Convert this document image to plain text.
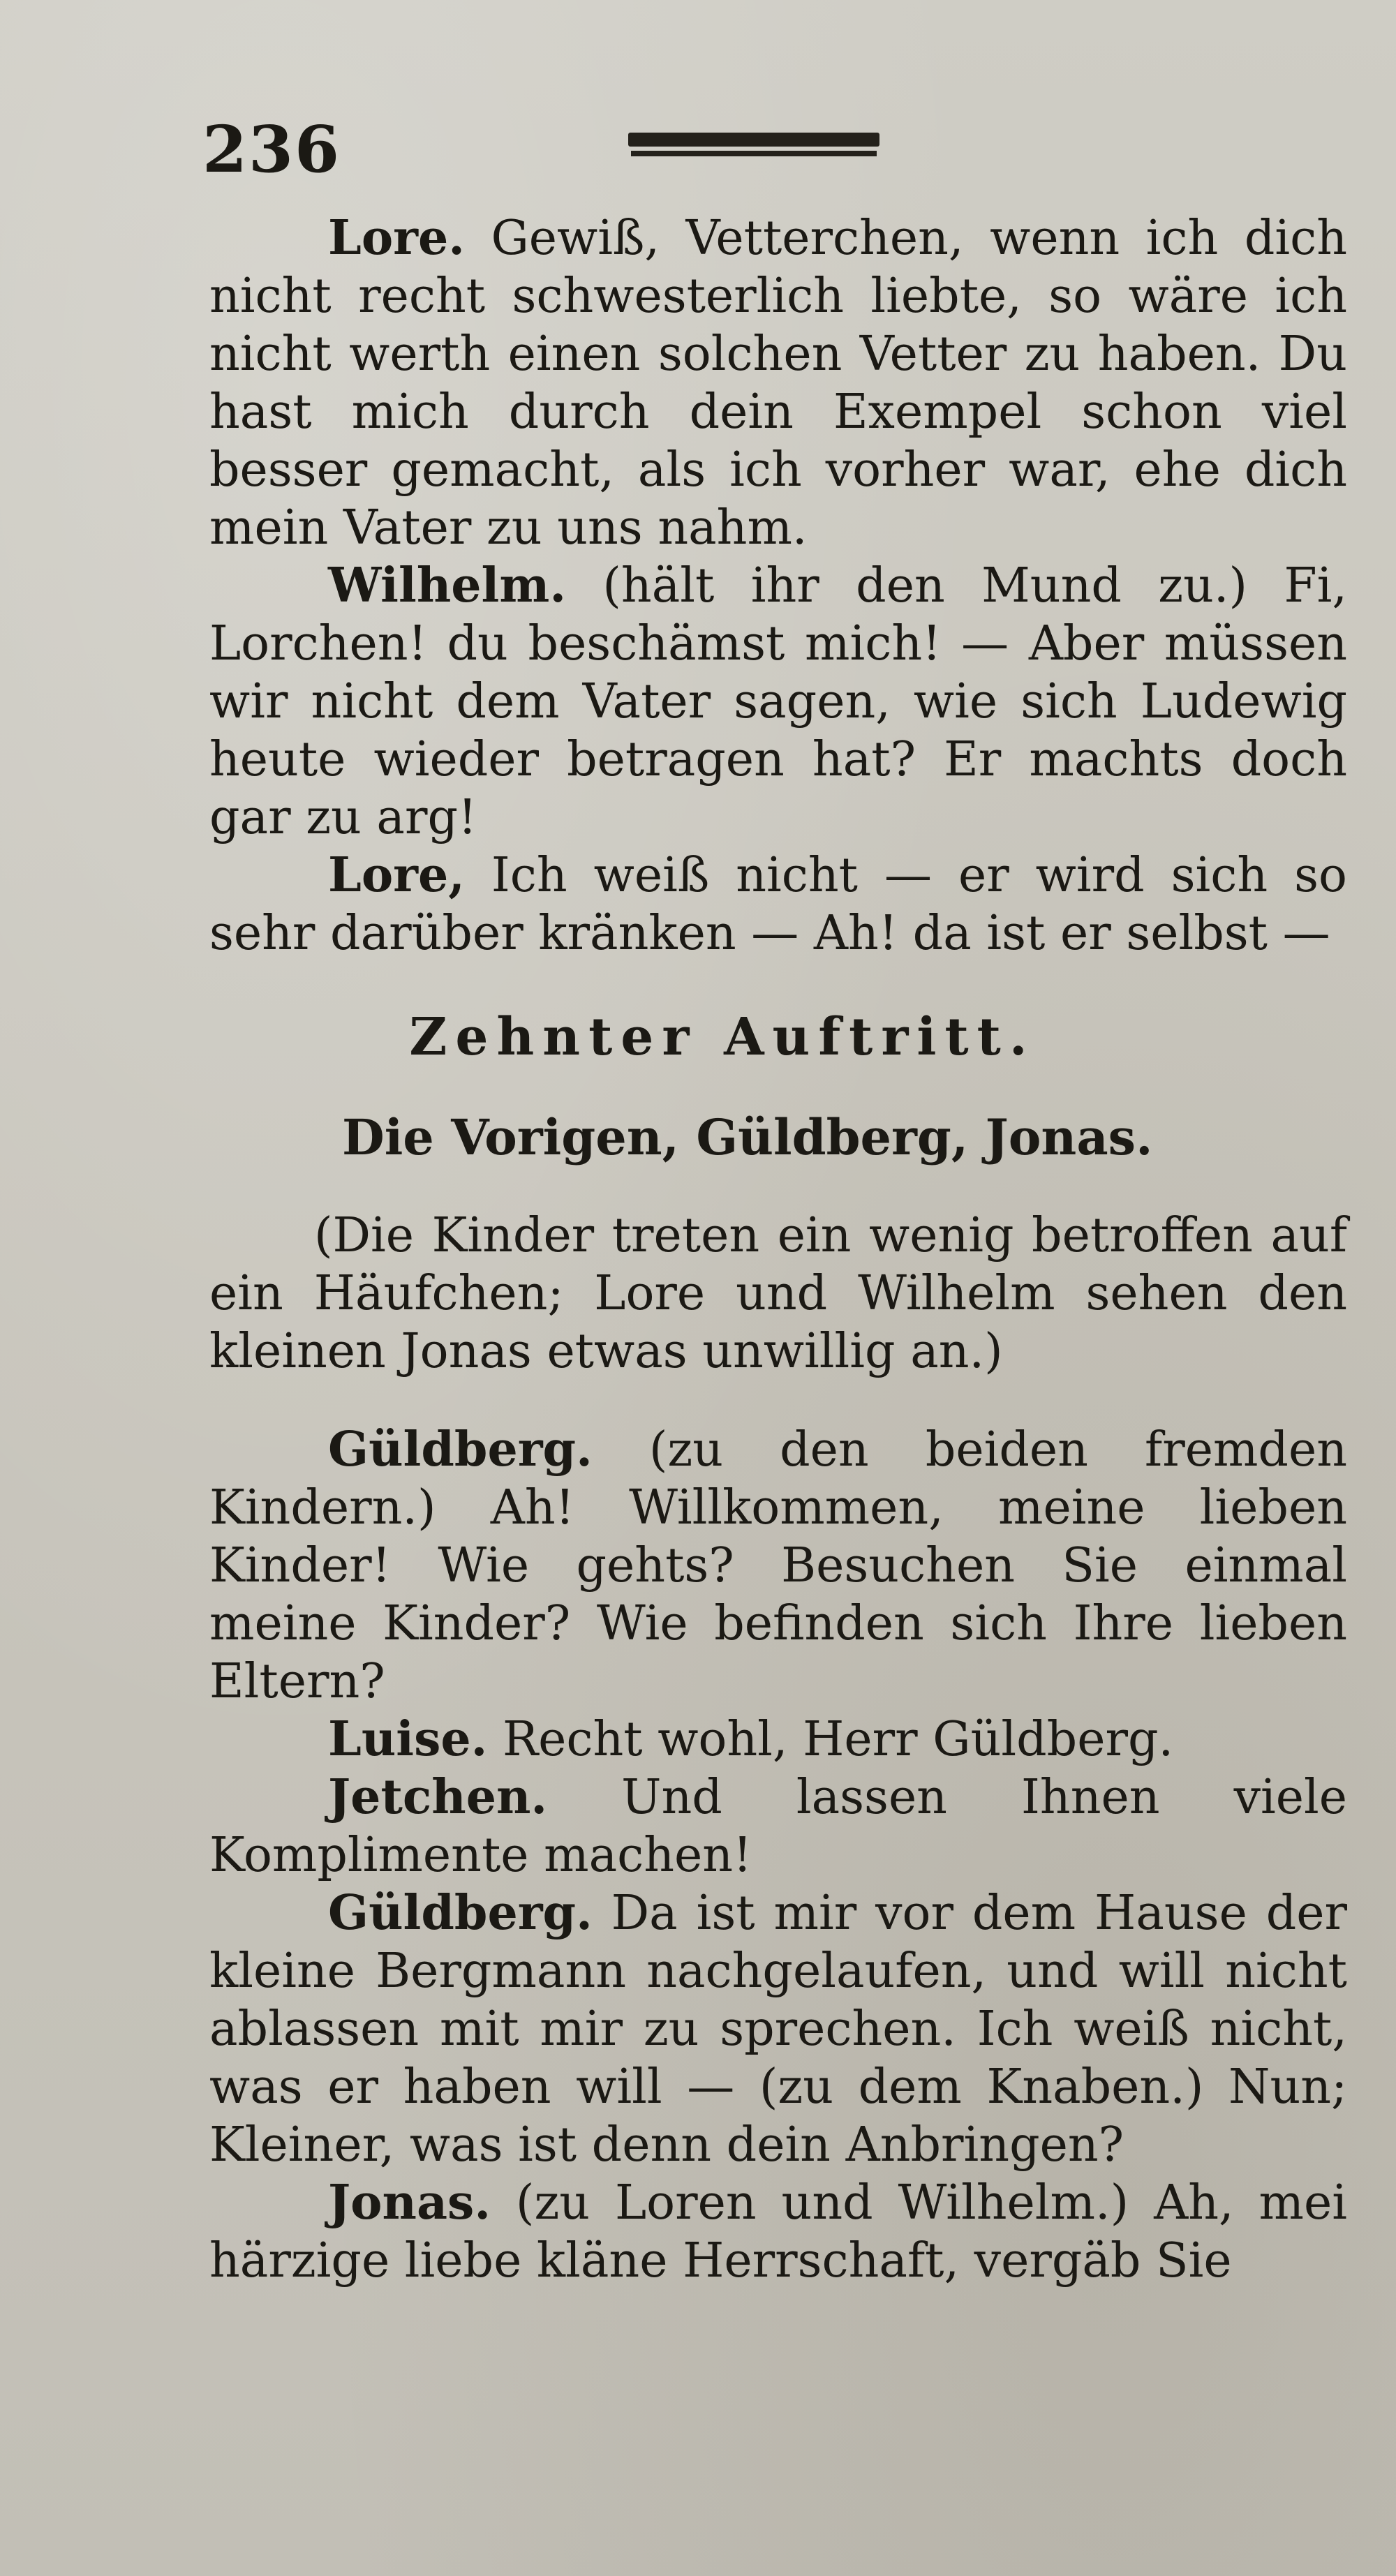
236

Lore. Gewiß, Vetterchen, wenn ich dich nicht recht schwesterlich liebte, so wäre ich nicht werth einen solchen Vetter zu haben. Du hast mich durch dein Exempel schon viel besser gemacht, als ich vorher war, ehe dich mein Vater zu uns nahm.

Wilhelm. (hält ihr den Mund zu.) Fi, Lorchen! du beschämst mich! — Aber müssen wir nicht dem Vater sagen, wie sich Ludewig heute wieder betragen hat? Er machts doch gar zu arg!

Lore, Ich weiß nicht — er wird sich so sehr darüber kränken — Ah! da ist er selbst —

Zehnter Auftritt.
Die Vorigen, Güldberg, Jonas.

(Die Kinder treten ein wenig betroffen auf ein Häufchen; Lore und Wilhelm sehen den kleinen Jonas etwas unwillig an.)

Güldberg. (zu den beiden fremden Kindern.) Ah! Willkommen, meine lieben Kinder! Wie gehts? Besuchen Sie einmal meine Kinder? Wie befinden sich Ihre lieben Eltern?

Luise. Recht wohl, Herr Güldberg.

Jetchen. Und lassen Ihnen viele Komplimente machen!

Güldberg. Da ist mir vor dem Hause der kleine Bergmann nachgelaufen, und will nicht ablassen mit mir zu sprechen. Ich weiß nicht, was er haben will — (zu dem Knaben.) Nun; Kleiner, was ist denn dein Anbringen?

Jonas. (zu Loren und Wilhelm.) Ah, mei härzige liebe kläne Herrschaft, vergäb Sie
